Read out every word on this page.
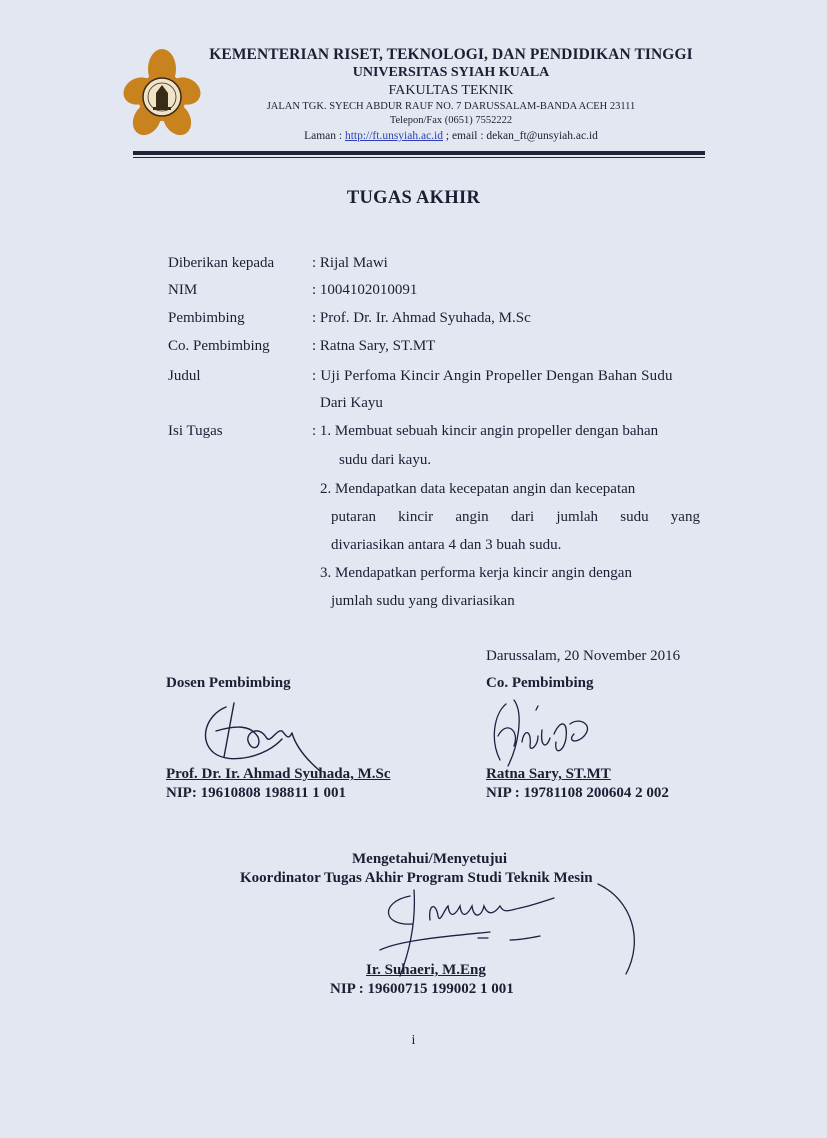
KEMENTERIAN RISET, TEKNOLOGI, DAN PENDIDIKAN TINGGI
UNIVERSITAS SYIAH KUALA
FAKULTAS TEKNIK
JALAN TGK. SYECH ABDUR RAUF NO. 7 DARUSSALAM-BANDA ACEH 23111
Telepon/Fax (0651) 7552222
Laman : http://ft.unsyiah.ac.id ; email : dekan_ft@unsyiah.ac.id
TUGAS AKHIR
Diberikan kepada	: Rijal Mawi
NIM	: 1004102010091
Pembimbing	: Prof. Dr. Ir. Ahmad Syuhada, M.Sc
Co. Pembimbing	: Ratna Sary, ST.MT
Judul	: Uji Perfoma Kincir Angin Propeller Dengan Bahan Sudu
Dari Kayu
Isi Tugas	: 1. Membuat sebuah kincir angin propeller dengan bahan
sudu dari kayu.
2. Mendapatkan data kecepatan angin dan kecepatan
putaran kincir angin dari jumlah sudu yang
divariasikan antara 4 dan 3 buah sudu.
3. Mendapatkan performa kerja kincir angin dengan
jumlah sudu yang divariasikan
Darussalam, 20 November 2016
Dosen Pembimbing
Prof. Dr. Ir. Ahmad Syuhada, M.Sc
NIP: 19610808 198811 1 001
Co. Pembimbing
Ratna Sary, ST.MT
NIP : 19781108 200604 2 002
Mengetahui/Menyetujui
Koordinator Tugas Akhir Program Studi Teknik Mesin
Ir. Suhaeri, M.Eng
NIP : 19600715 199002 1 001
i
